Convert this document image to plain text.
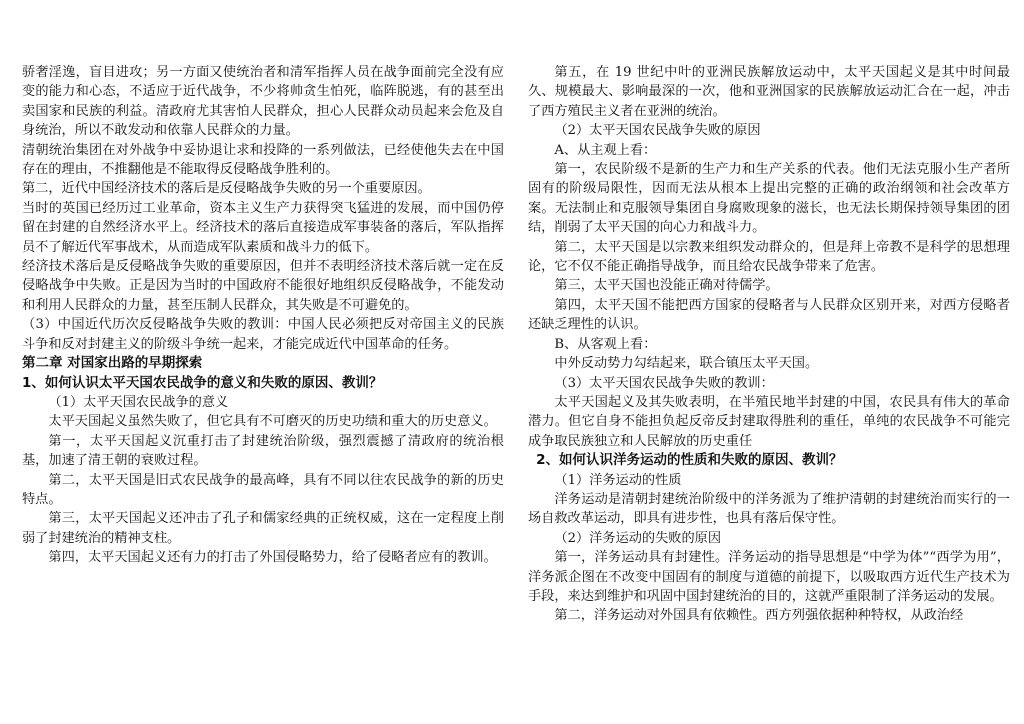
骄奢淫逸，盲目进攻；另一方面又使统治者和清军指挥人员在战争面前完全没有应变的能力和心态，不适应于近代战争，不少将帅贪生怕死，临阵脱逃，有的甚至出卖国家和民族的利益。清政府尤其害怕人民群众，担心人民群众动员起来会危及自身统治，所以不敢发动和依靠人民群众的力量。

清朝统治集团在对外战争中妥协退让求和投降的一系列做法，已经使他失去在中国存在的理由，不推翻他是不能取得反侵略战争胜利的。

第二，近代中国经济技术的落后是反侵略战争失败的另一个重要原因。

当时的英国已经历过工业革命，资本主义生产力获得突飞猛进的发展，而中国仍停留在封建的自然经济水平上。经济技术的落后直接造成军事装备的落后，军队指挥员不了解近代军事战术，从而造成军队素质和战斗力的低下。

经济技术落后是反侵略战争失败的重要原因，但并不表明经济技术落后就一定在反侵略战争中失败。正是因为当时的中国政府不能很好地组织反侵略战争，不能发动和利用人民群众的力量，甚至压制人民群众，其失败是不可避免的。

（3）中国近代历次反侵略战争失败的教训：中国人民必须把反对帝国主义的民族斗争和反对封建主义的阶级斗争统一起来，才能完成近代中国革命的任务。

第二章 对国家出路的早期探索

1、如何认识太平天国农民战争的意义和失败的原因、教训？

（1）太平天国农民战争的意义

太平天国起义虽然失败了，但它具有不可磨灭的历史功绩和重大的历史意义。

第一，太平天国起义沉重打击了封建统治阶级，强烈震撼了清政府的统治根基，加速了清王朝的衰败过程。

第二，太平天国是旧式农民战争的最高峰，具有不同以往农民战争的新的历史特点。

第三，太平天国起义还冲击了孔子和儒家经典的正统权威，这在一定程度上削弱了封建统治的精神支柱。

第四，太平天国起义还有力的打击了外国侵略势力，给了侵略者应有的教训。

第五，在 19 世纪中叶的亚洲民族解放运动中，太平天国起义是其中时间最久、规模最大、影响最深的一次，他和亚洲国家的民族解放运动汇合在一起，冲击了西方殖民主义者在亚洲的统治。

（2）太平天国农民战争失败的原因

A、从主观上看：

第一，农民阶级不是新的生产力和生产关系的代表。他们无法克服小生产者所固有的阶级局限性，因而无法从根本上提出完整的正确的政治纲领和社会改革方案。无法制止和克服领导集团自身腐败现象的滋长，也无法长期保持领导集团的团结，削弱了太平天国的向心力和战斗力。

第二，太平天国是以宗教来组织发动群众的，但是拜上帝教不是科学的思想理论，它不仅不能正确指导战争，而且给农民战争带来了危害。

第三，太平天国也没能正确对待儒学。

第四，太平天国不能把西方国家的侵略者与人民群众区别开来，对西方侵略者还缺乏理性的认识。

B、从客观上看：

中外反动势力勾结起来，联合镇压太平天国。

（3）太平天国农民战争失败的教训：

太平天国起义及其失败表明，在半殖民地半封建的中国，农民具有伟大的革命潜力。但它自身不能担负起反帝反封建取得胜利的重任，单纯的农民战争不可能完成争取民族独立和人民解放的历史重任

2、如何认识洋务运动的性质和失败的原因、教训？

（1）洋务运动的性质

洋务运动是清朝封建统治阶级中的洋务派为了维护清朝的封建统治而实行的一场自救改革运动，即具有进步性，也具有落后保守性。

（2）洋务运动的失败的原因

第一，洋务运动具有封建性。洋务运动的指导思想是“中学为体”“西学为用”，洋务派企图在不改变中国固有的制度与道德的前提下，以吸取西方近代生产技术为手段，来达到维护和巩固中国封建统治的目的，这就严重限制了洋务运动的发展。

第二，洋务运动对外国具有依赖性。西方列强依据种种特权，从政治经
